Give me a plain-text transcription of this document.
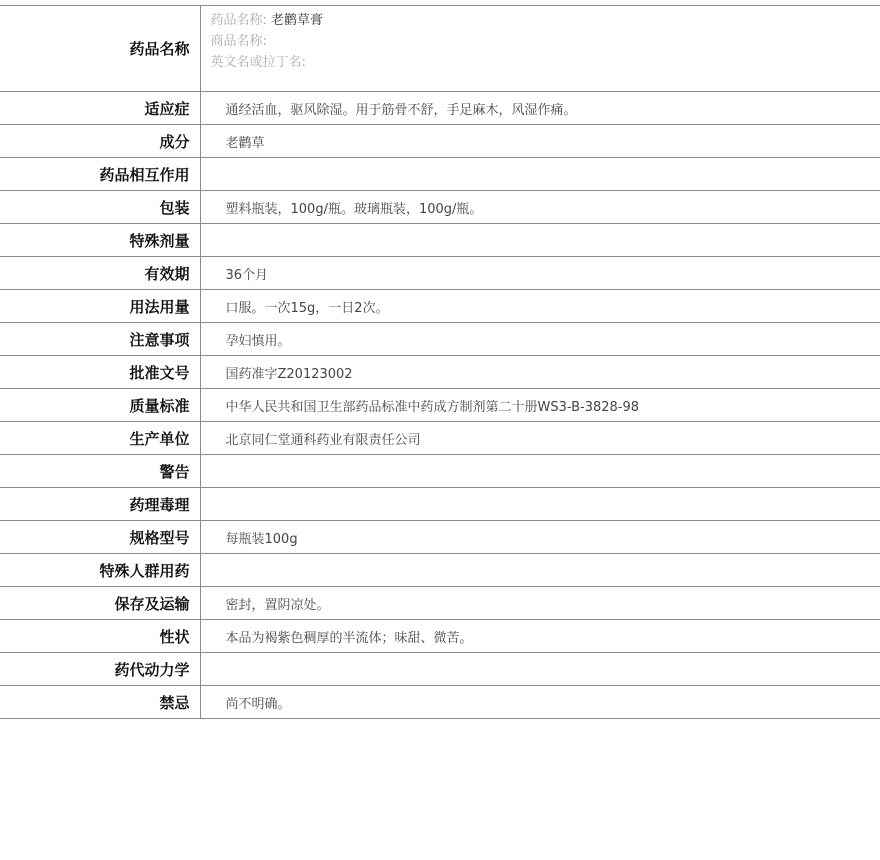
药品名称	药品名称: 老鹳草膏
商品名称:
英文名或拉丁名:

适应症	通经活血，驱风除湿。用于筋骨不舒，手足麻木，风湿作痛。
成分	老鹳草
药品相互作用	
包装	塑料瓶装，100g/瓶。玻璃瓶装，100g/瓶。
特殊剂量	
有效期	36个月
用法用量	口服。一次15g，一日2次。
注意事项	孕妇慎用。
批准文号	国药准字Z20123002
质量标准	中华人民共和国卫生部药品标准中药成方制剂第二十册WS3-B-3828-98
生产单位	北京同仁堂通科药业有限责任公司
警告	
药理毒理	
规格型号	每瓶装100g
特殊人群用药	
保存及运输	密封，置阴凉处。
性状	本品为褐紫色稠厚的半流体；味甜、微苦。
药代动力学	
禁忌	尚不明确。
